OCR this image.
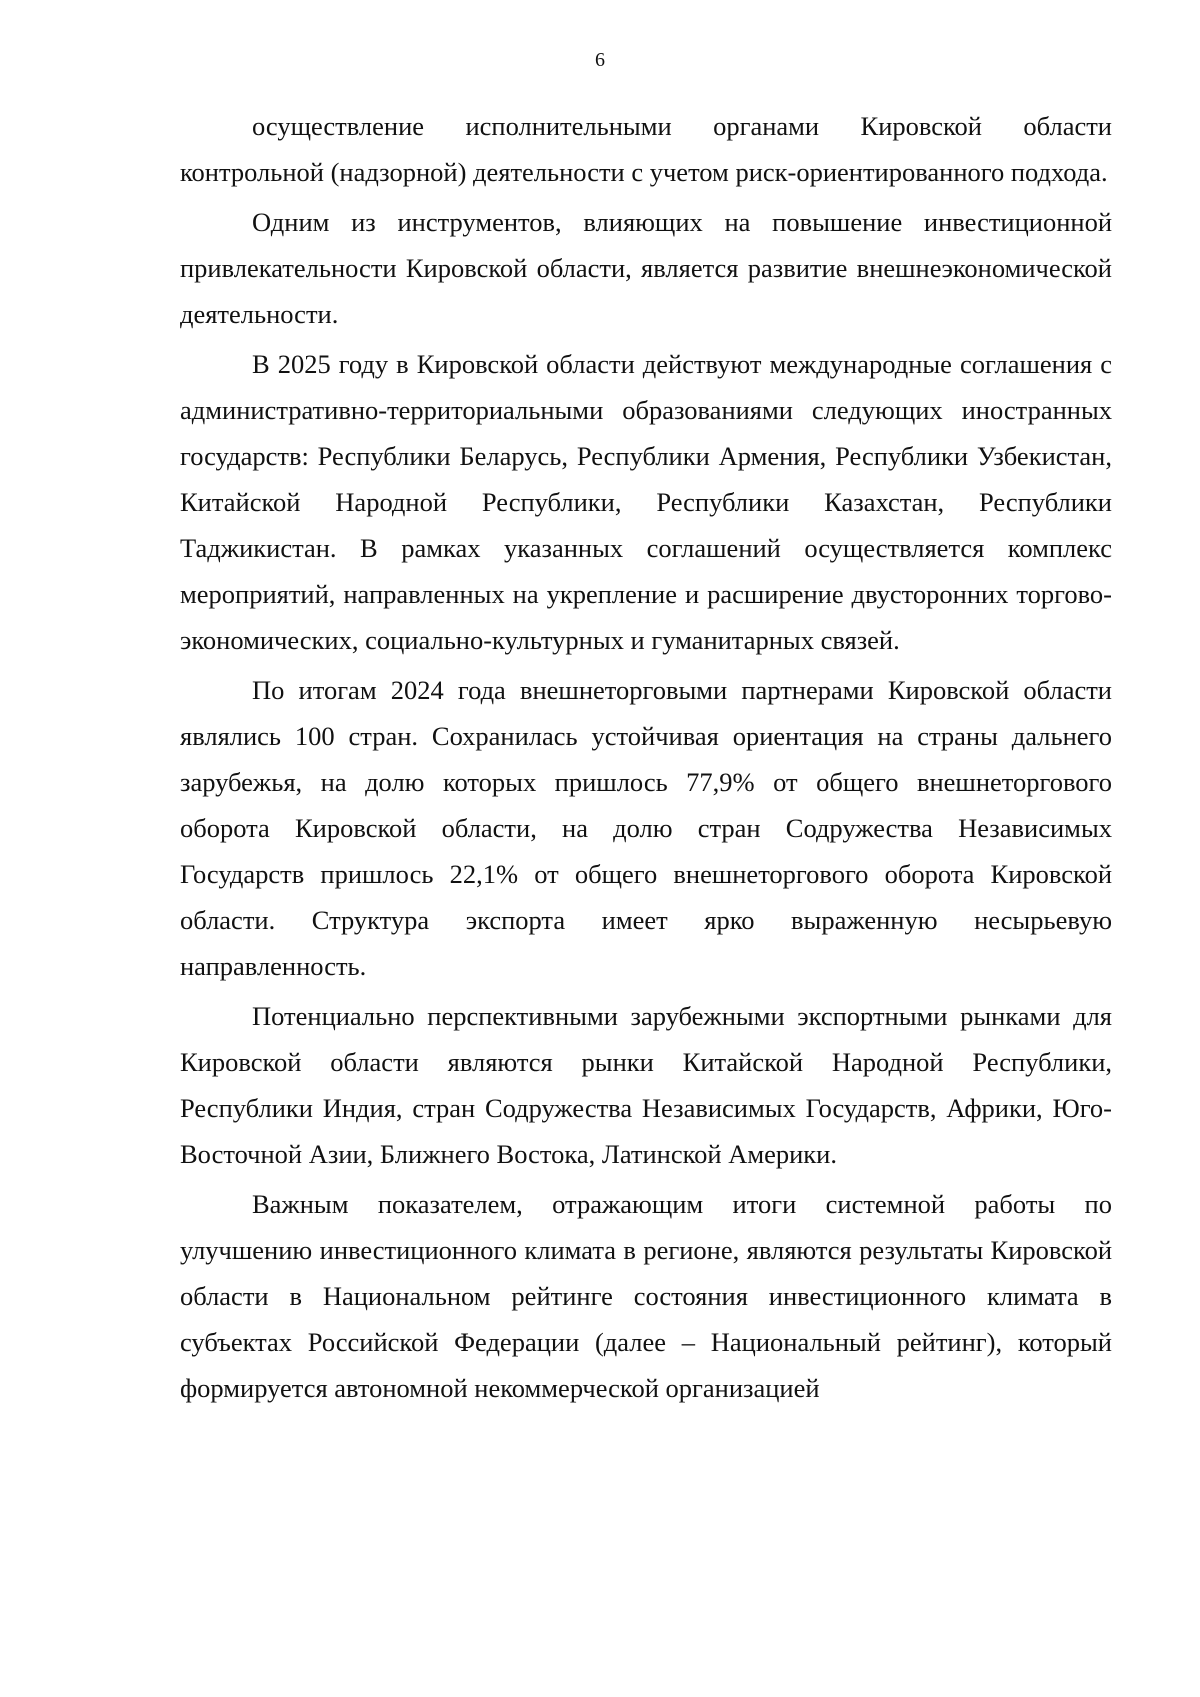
6

осуществление исполнительными органами Кировской области контрольной (надзорной) деятельности с учетом риск-ориентированного подхода.

Одним из инструментов, влияющих на повышение инвестиционной привлекательности Кировской области, является развитие внешнеэкономической деятельности.

В 2025 году в Кировской области действуют международные соглашения с административно-территориальными образованиями следующих иностранных государств: Республики Беларусь, Республики Армения, Республики Узбекистан, Китайской Народной Республики, Республики Казахстан, Республики Таджикистан. В рамках указанных соглашений осуществляется комплекс мероприятий, направленных на укрепление и расширение двусторонних торгово-экономических, социально-культурных и гуманитарных связей.

По итогам 2024 года внешнеторговыми партнерами Кировской области являлись 100 стран. Сохранилась устойчивая ориентация на страны дальнего зарубежья, на долю которых пришлось 77,9% от общего внешнеторгового оборота Кировской области, на долю стран Содружества Независимых Государств пришлось 22,1% от общего внешнеторгового оборота Кировской области. Структура экспорта имеет ярко выраженную несырьевую направленность.

Потенциально перспективными зарубежными экспортными рынками для Кировской области являются рынки Китайской Народной Республики, Республики Индия, стран Содружества Независимых Государств, Африки, Юго-Восточной Азии, Ближнего Востока, Латинской Америки.

Важным показателем, отражающим итоги системной работы по улучшению инвестиционного климата в регионе, являются результаты Кировской области в Национальном рейтинге состояния инвестиционного климата в субъектах Российской Федерации (далее – Национальный рейтинг), который формируется автономной некоммерческой организацией
